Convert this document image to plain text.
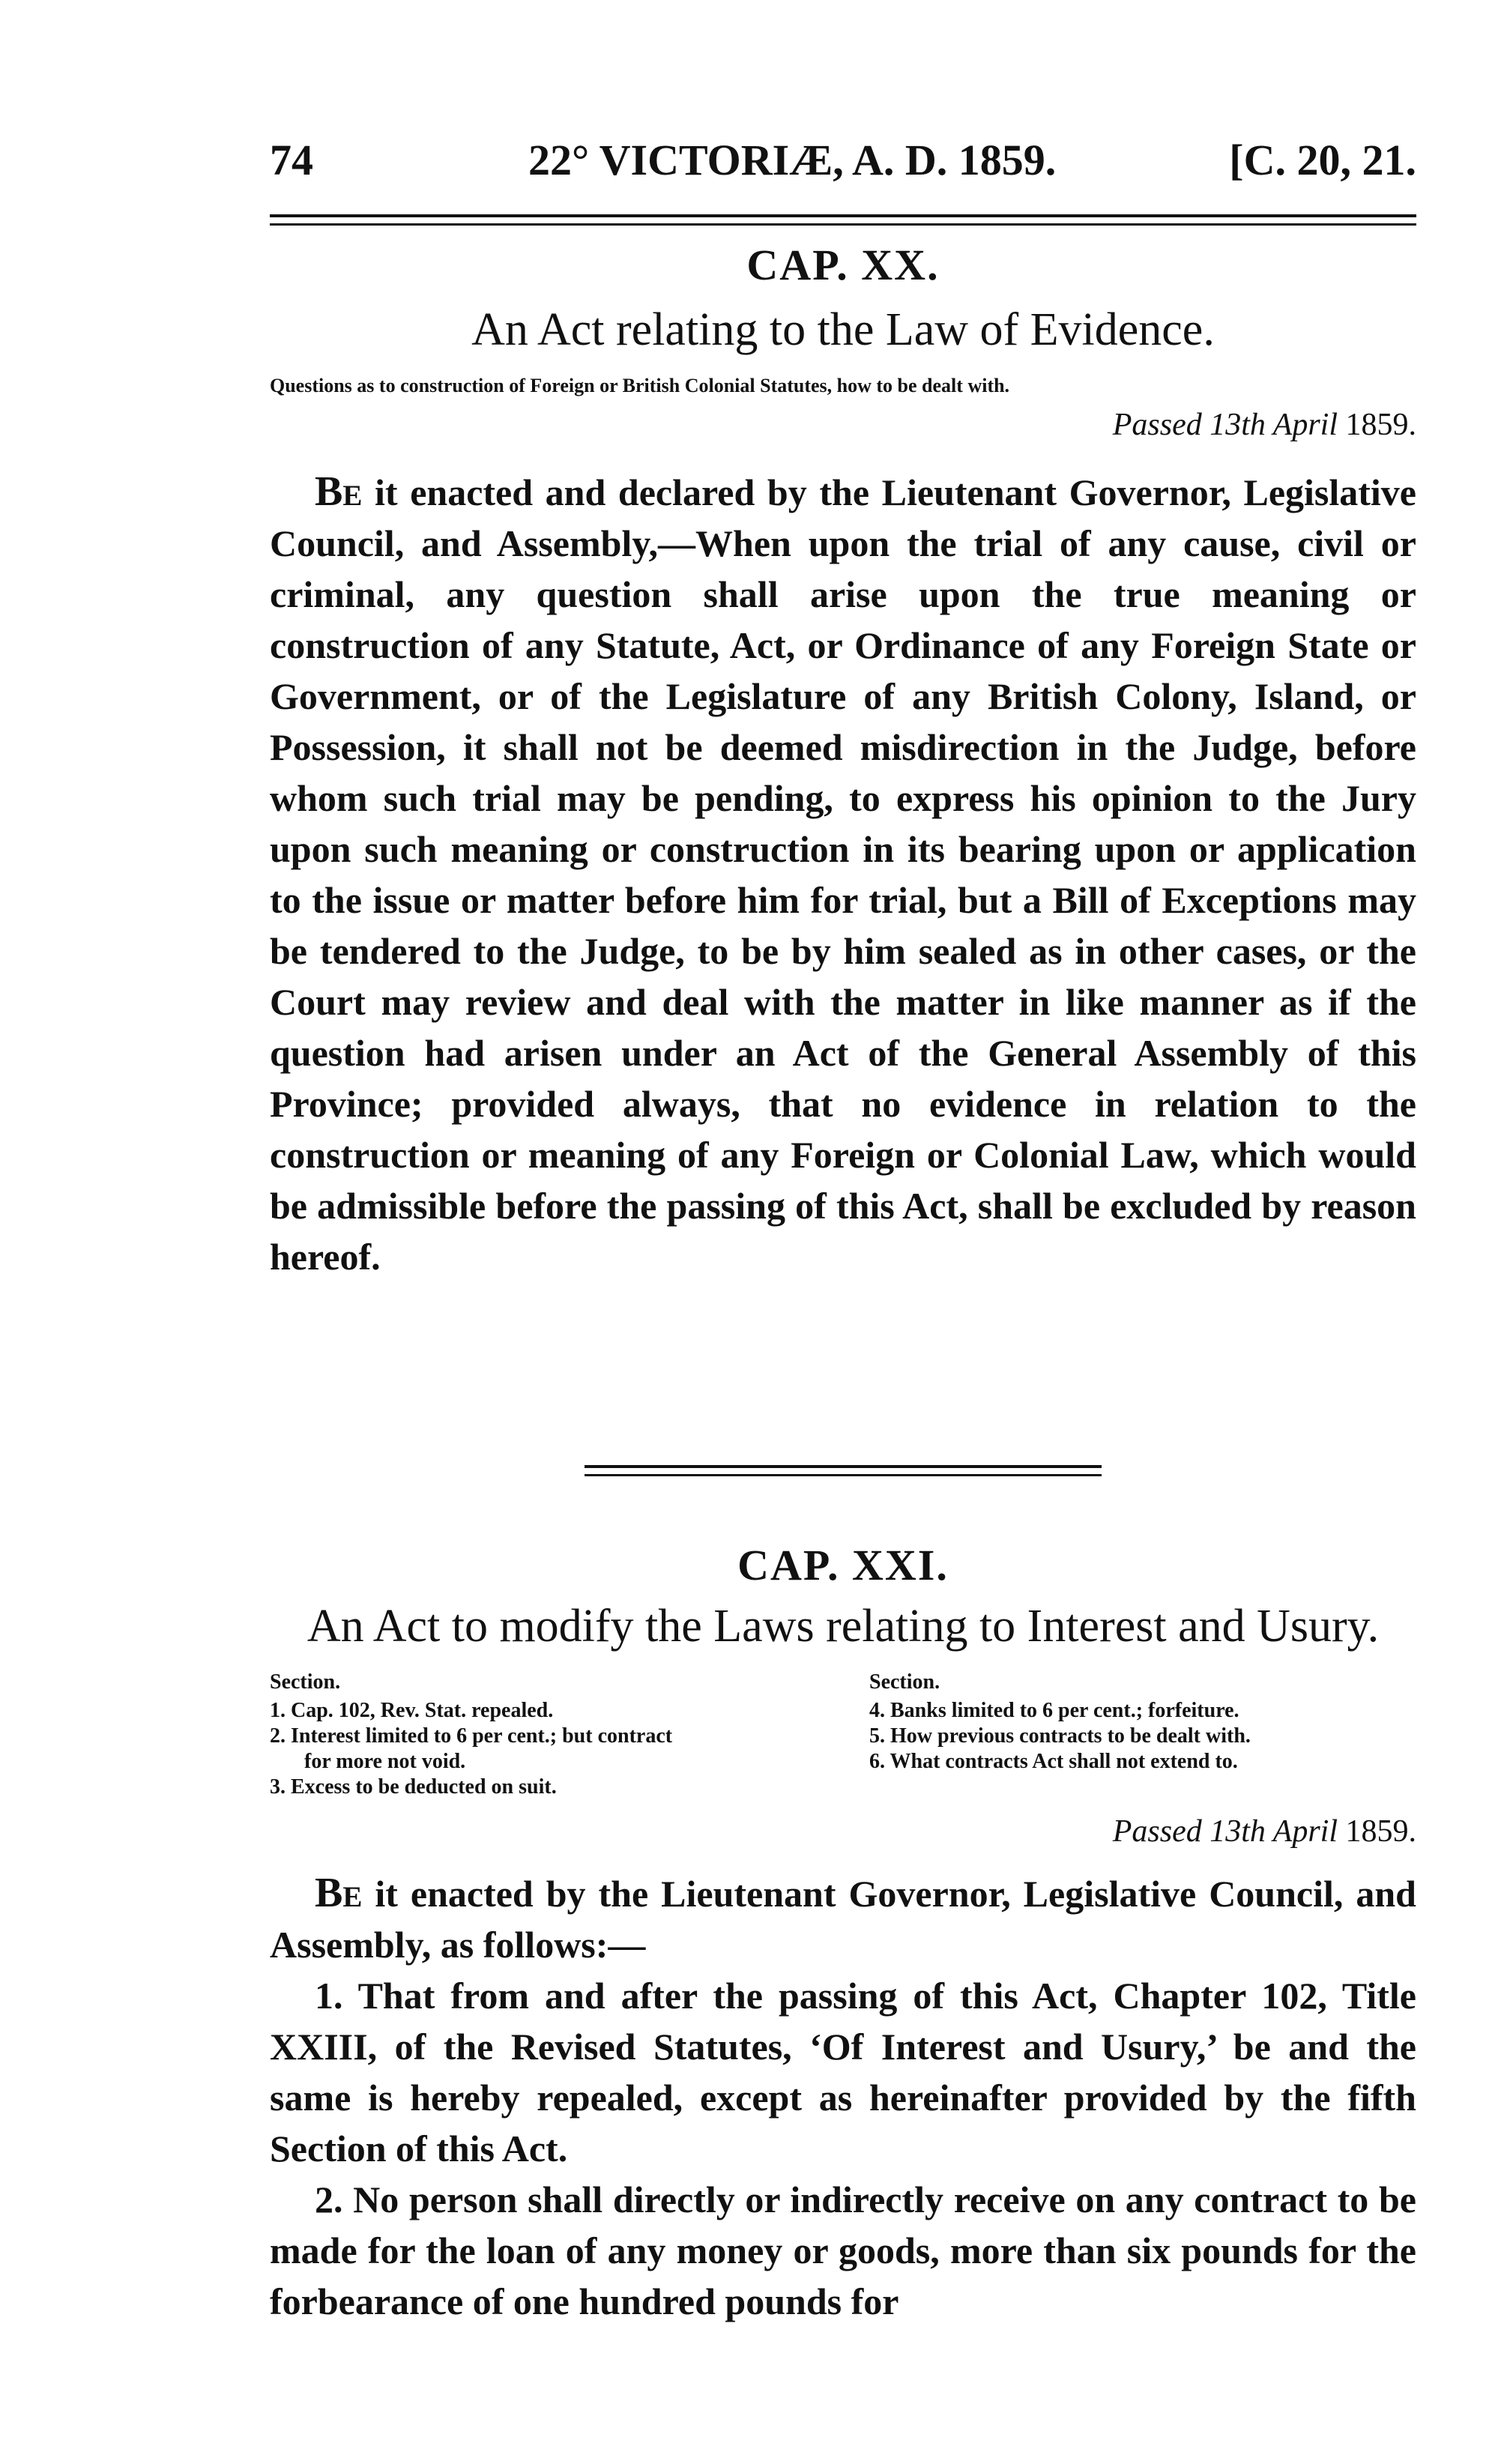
74	22° VICTORIÆ, A. D. 1859.	[C. 20, 21.
CAP. XX.
An Act relating to the Law of Evidence.
Questions as to construction of Foreign or British Colonial Statutes, how to be dealt with.
Passed 13th April 1859.

Be it enacted and declared by the Lieutenant Governor, Legislative Council, and Assembly,—When upon the trial of any cause, civil or criminal, any question shall arise upon the true meaning or construction of any Statute, Act, or Ordinance of any Foreign State or Government, or of the Legislature of any British Colony, Island, or Possession, it shall not be deemed misdirection in the Judge, before whom such trial may be pending, to express his opinion to the Jury upon such meaning or construction in its bearing upon or application to the issue or matter before him for trial, but a Bill of Exceptions may be tendered to the Judge, to be by him sealed as in other cases, or the Court may review and deal with the matter in like manner as if the question had arisen under an Act of the General Assembly of this Province; provided always, that no evidence in relation to the construction or meaning of any Foreign or Colonial Law, which would be admissible before the passing of this Act, shall be excluded by reason hereof.

CAP. XXI.
An Act to modify the Laws relating to Interest and Usury.
Section.
1. Cap. 102, Rev. Stat. repealed.
2. Interest limited to 6 per cent.; but contract
for more not void.
3. Excess to be deducted on suit.
Section.
4. Banks limited to 6 per cent.; forfeiture.
5. How previous contracts to be dealt with.
6. What contracts Act shall not extend to.
Passed 13th April 1859.

Be it enacted by the Lieutenant Governor, Legislative Council, and Assembly, as follows:—

1. That from and after the passing of this Act, Chapter 102, Title XXIII, of the Revised Statutes, ‘Of Interest and Usury,’ be and the same is hereby repealed, except as hereinafter provided by the fifth Section of this Act.

2. No person shall directly or indirectly receive on any contract to be made for the loan of any money or goods, more than six pounds for the forbearance of one hundred pounds for
